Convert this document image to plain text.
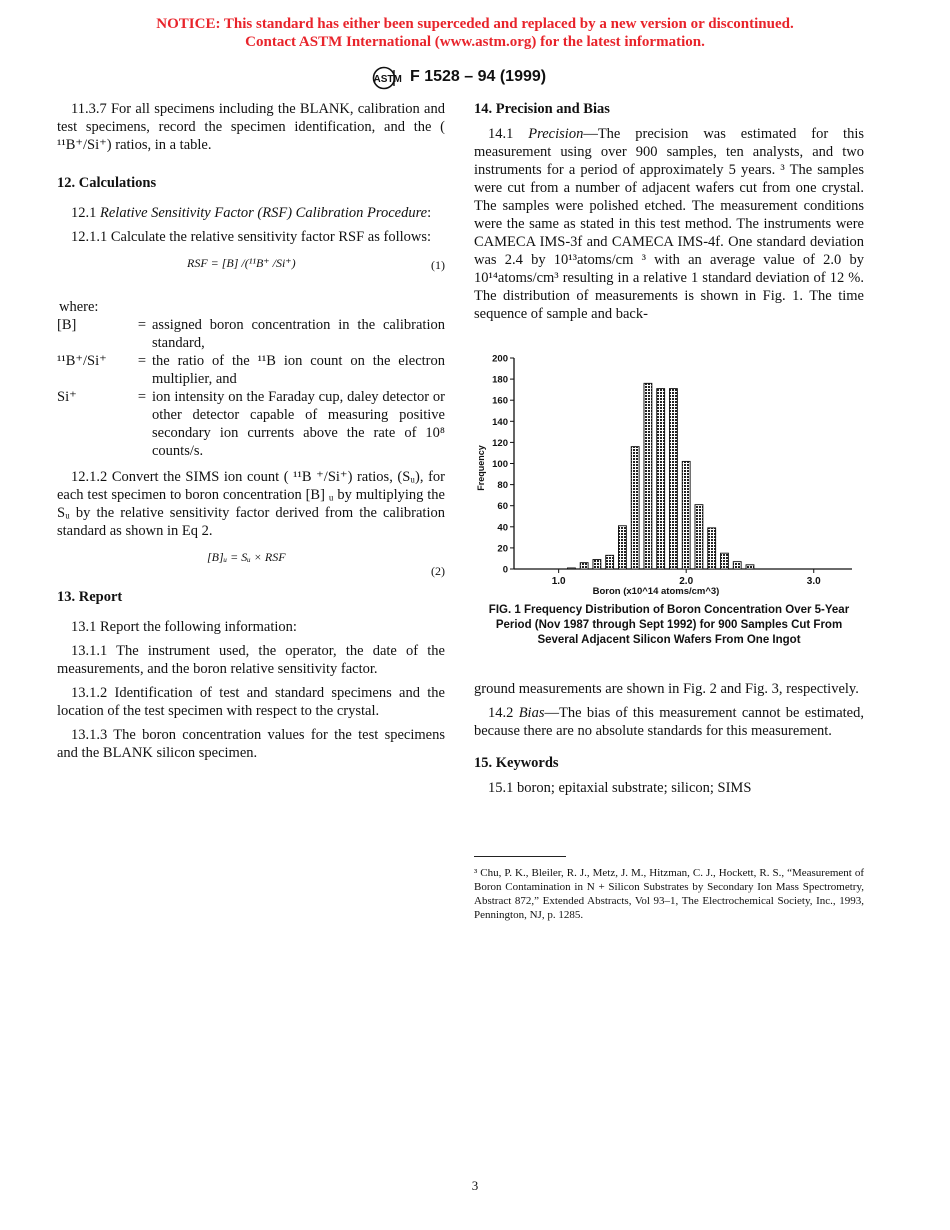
NOTICE: This standard has either been superceded and replaced by a new version or discontinued.
Contact ASTM International (www.astm.org) for the latest information.
ASTM F 1528 – 94 (1999)

11.3.7 For all specimens including the BLANK, calibration and test specimens, record the specimen identification, and the ( ¹¹B⁺/Si⁺) ratios, in a table.

12. Calculations

12.1 Relative Sensitivity Factor (RSF) Calibration Procedure:

12.1.1 Calculate the relative sensitivity factor RSF as follows:

RSF = [B] /(¹¹B⁺ /Si⁺)	(1)
where:
[B]	=	assigned boron concentration in the calibration standard,
¹¹B⁺/Si⁺	=	the ratio of the ¹¹B ion count on the electron multiplier, and
Si⁺	=	ion intensity on the Faraday cup, daley detector or other detector capable of measuring positive secondary ion currents above the rate of 10⁸ counts/s.

12.1.2 Convert the SIMS ion count ( ¹¹B ⁺/Si⁺) ratios, (Sᵤ), for each test specimen to boron concentration [B] ᵤ by multiplying the Sᵤ by the relative sensitivity factor derived from the calibration standard as shown in Eq 2.

[B]ᵤ = Sᵤ × RSF
(2)
13. Report

13.1 Report the following information:

13.1.1 The instrument used, the operator, the date of the measurements, and the boron relative sensitivity factor.

13.1.2 Identification of test and standard specimens and the location of the test specimen with respect to the crystal.

13.1.3 The boron concentration values for the test specimens and the BLANK silicon specimen.

14. Precision and Bias

14.1 Precision—The precision was estimated for this measurement using over 900 samples, ten analysts, and two instruments for a period of approximately 5 years. ³ The samples were cut from a number of adjacent wafers cut from one crystal. The samples were polished etched. The measurement conditions were the same as stated in this test method. The instruments were CAMECA IMS-3f and CAMECA IMS-4f. One standard deviation was 2.4 by 10¹³atoms/cm ³ with an average value of 2.0 by 10¹⁴atoms/cm³ resulting in a relative 1 standard deviation of 12 %. The distribution of measurements is shown in Fig. 1. The time sequence of sample and back-

0
20
40
60
80
100
120
140
160
180
200
1.0	2.0	3.0
Frequency
Boron (x10^14 atoms/cm^3)
FIG. 1 Frequency Distribution of Boron Concentration Over 5-Year Period (Nov 1987 through Sept 1992) for 900 Samples Cut From Several Adjacent Silicon Wafers From One Ingot

ground measurements are shown in Fig. 2 and Fig. 3, respectively.

14.2 Bias—The bias of this measurement cannot be estimated, because there are no absolute standards for this measurement.

15. Keywords

15.1 boron; epitaxial substrate; silicon; SIMS

³ Chu, P. K., Bleiler, R. J., Metz, J. M., Hitzman, C. J., Hockett, R. S., “Measurement of Boron Contamination in N + Silicon Substrates by Secondary Ion Mass Spectrometry, Abstract 872,” Extended Abstracts, Vol 93–1, The Electrochemical Society, Inc., 1993, Pennington, NJ, p. 1285.
3
